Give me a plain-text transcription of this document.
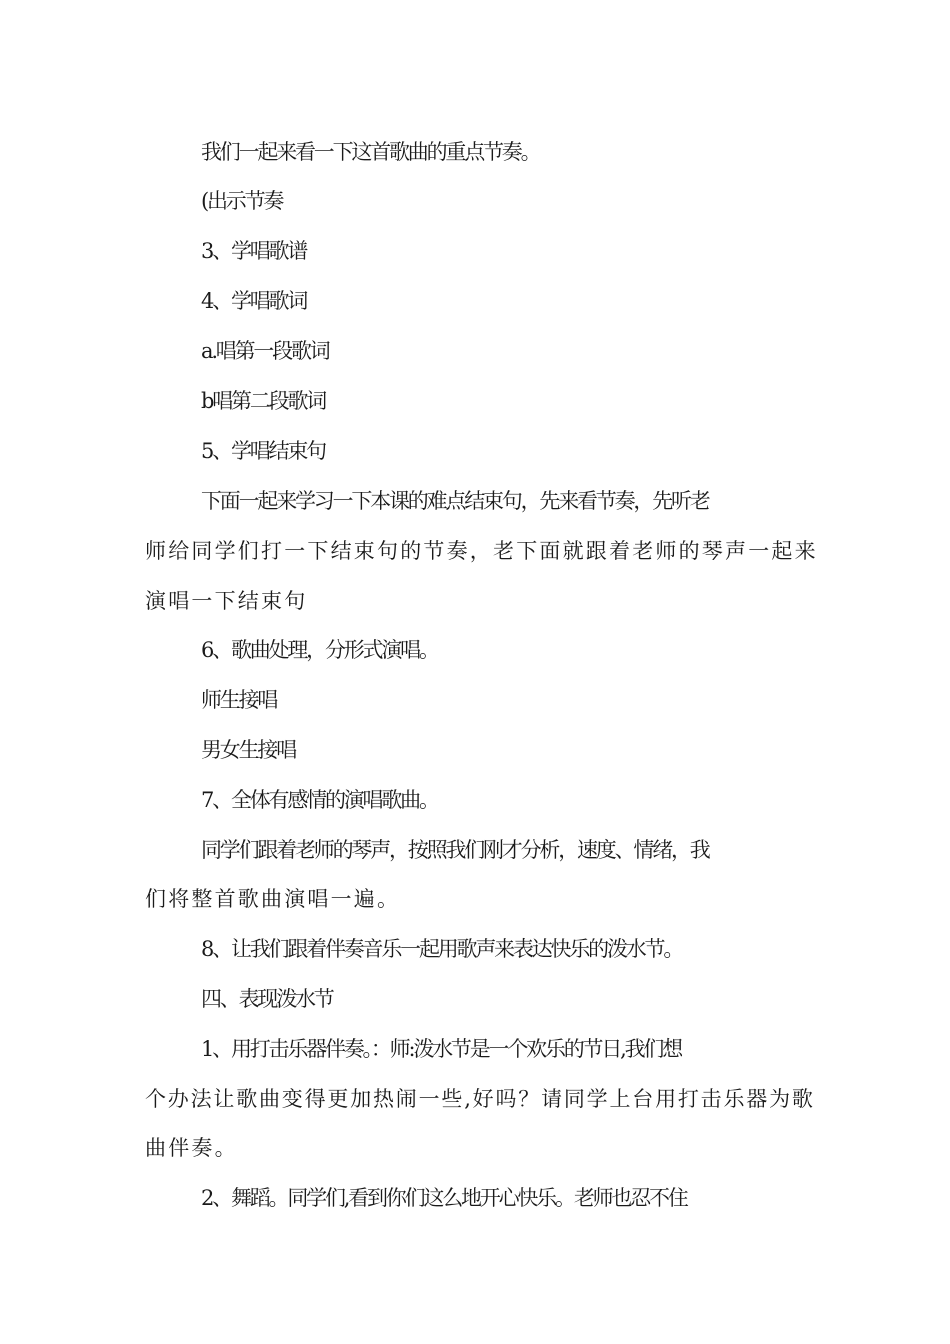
我们一起来看一下这首歌曲的重点节奏。
(出示节奏
3、学唱歌谱
4、学唱歌词
a.唱第一段歌词
b唱第二段歌词
5、学唱结束句
下面一起来学习一下本课的难点结束句，先来看节奏，先听老
师给同学们打一下结束句的节奏，老下面就跟着老师的琴声一起来
演唱一下结束句
6、歌曲处理，分形式演唱。
师生接唱
男女生接唱
7、全体有感情的演唱歌曲。
同学们跟着老师的琴声，按照我们刚才分析，速度、情绪，我
们将整首歌曲演唱一遍。
8、让我们跟着伴奏音乐一起用歌声来表达快乐的泼水节。
四、表现泼水节
1、用打击乐器伴奏。：师:泼水节是一个欢乐的节日,我们想
个办法让歌曲变得更加热闹一些,好吗？请同学上台用打击乐器为歌
曲伴奏。
2、舞蹈。同学们,看到你们这么地开心快乐。老师也忍不住
